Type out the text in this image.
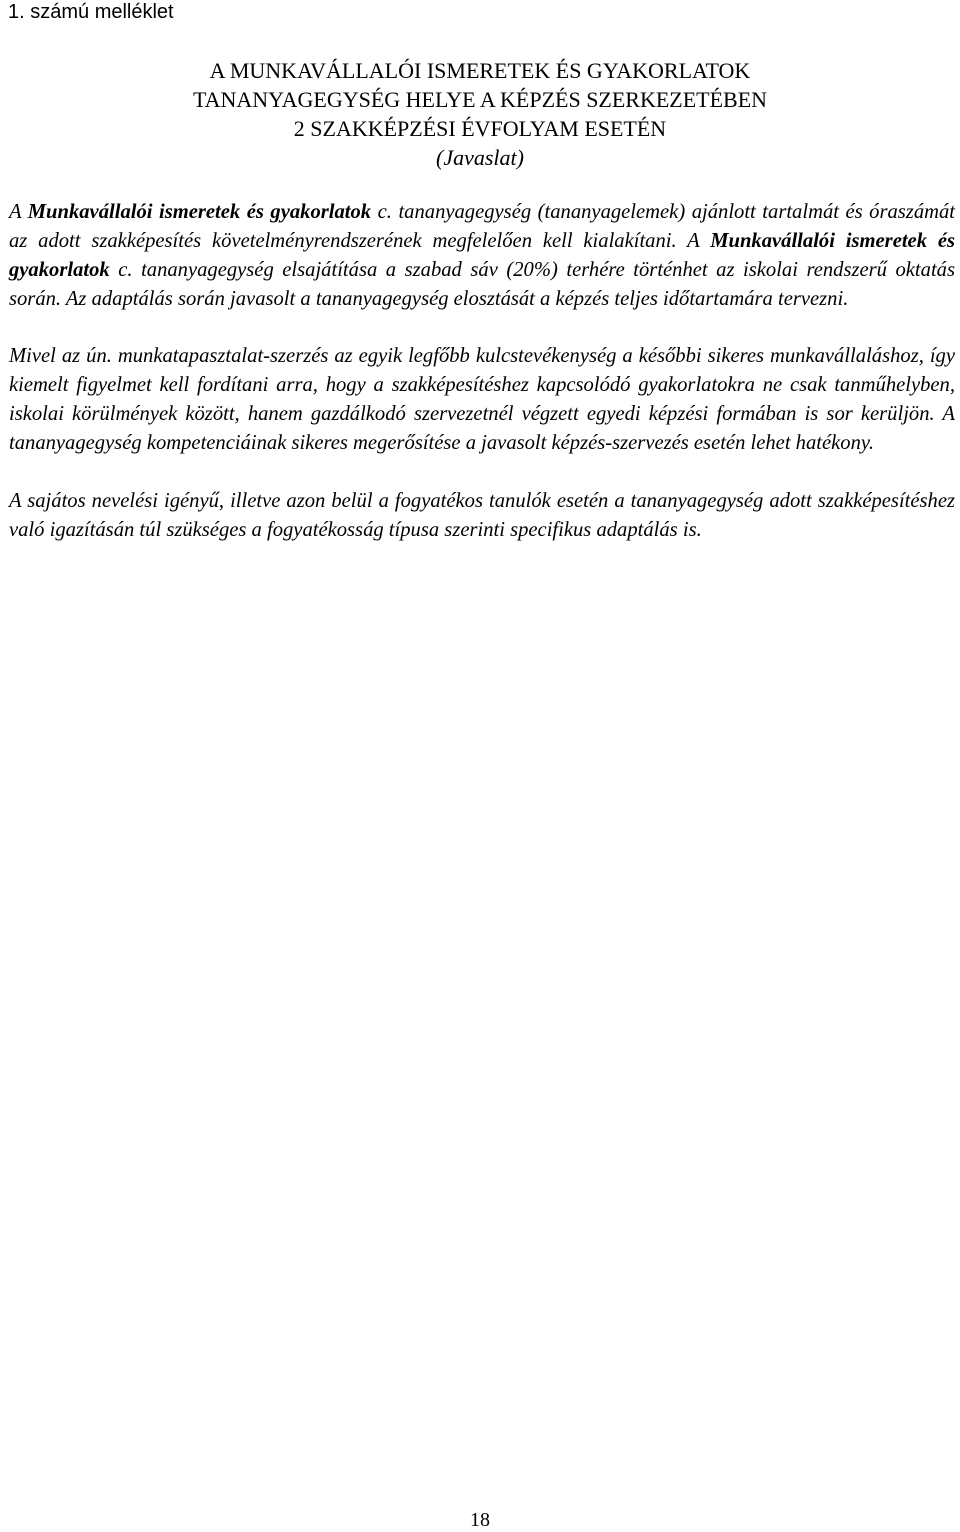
1. számú melléklet
A MUNKAVÁLLALÓI ISMERETEK ÉS GYAKORLATOK
TANANYAGEGYSÉG HELYE A KÉPZÉS SZERKEZETÉBEN
2 SZAKKÉPZÉSI ÉVFOLYAM ESETÉN
(Javaslat)

A Munkavállalói ismeretek és gyakorlatok c. tananyagegység (tananyagelemek) ajánlott tartalmát és óraszámát az adott szakképesítés követelményrendszerének megfelelően kell kialakítani. A Munkavállalói ismeretek és gyakorlatok c. tananyagegység elsajátítása a szabad sáv (20%) terhére történhet az iskolai rendszerű oktatás során. Az adaptálás során javasolt a tananyagegység elosztását a képzés teljes időtartamára tervezni.

Mivel az ún. munkatapasztalat-szerzés az egyik legfőbb kulcstevékenység a későbbi sikeres munkavállaláshoz, így kiemelt figyelmet kell fordítani arra, hogy a szakképesítéshez kapcsolódó gyakorlatokra ne csak tanműhelyben, iskolai körülmények között, hanem gazdálkodó szervezetnél végzett egyedi képzési formában is sor kerüljön. A tananyagegység kompetenciáinak sikeres megerősítése a javasolt képzés-szervezés esetén lehet hatékony.

A sajátos nevelési igényű, illetve azon belül a fogyatékos tanulók esetén a tananyagegység adott szakképesítéshez való igazításán túl szükséges a fogyatékosság típusa szerinti specifikus adaptálás is.

18
